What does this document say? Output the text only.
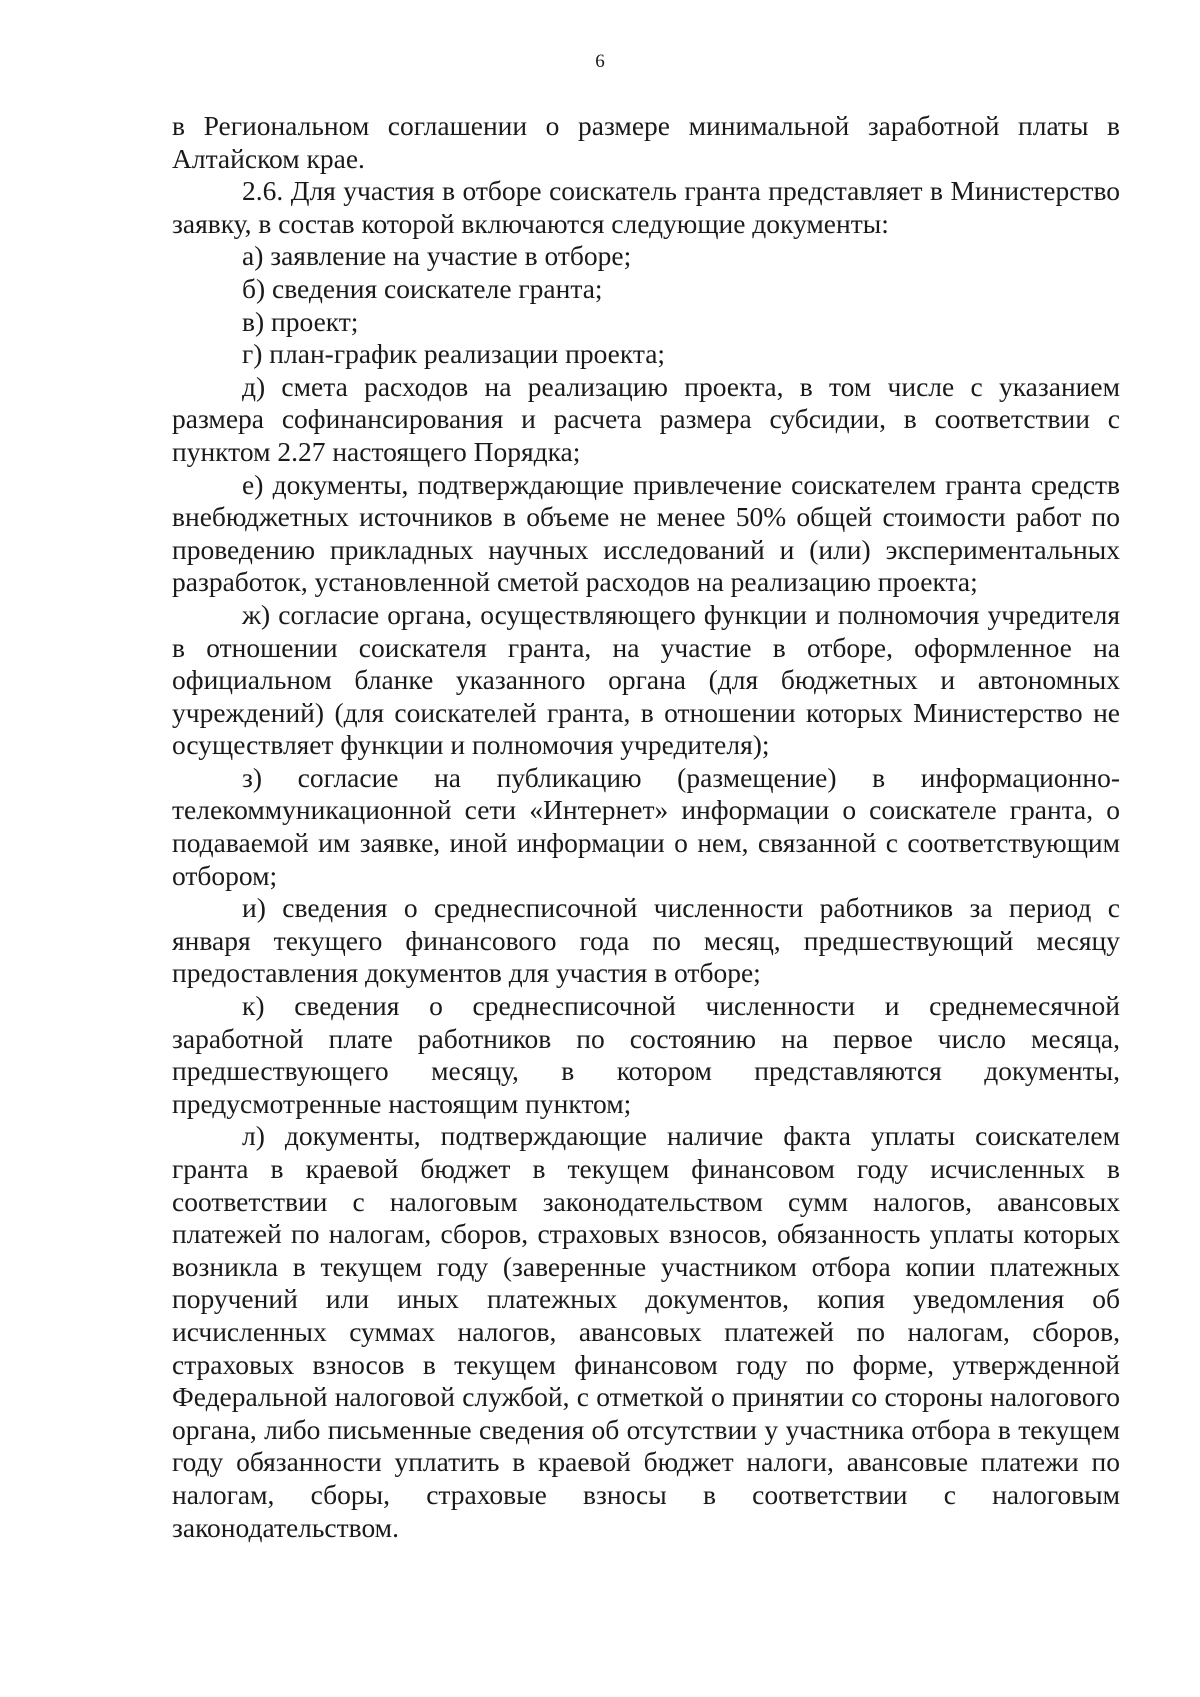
6

в Региональном соглашении о размере минимальной заработной платы в Алтайском крае.

2.6. Для участия в отборе соискатель гранта представляет в Министерство заявку, в состав которой включаются следующие документы:

а) заявление на участие в отборе;

б) сведения соискателе гранта;

в) проект;

г) план-график реализации проекта;

д) смета расходов на реализацию проекта, в том числе с указанием размера софинансирования и расчета размера субсидии, в соответствии с пунктом 2.27 настоящего Порядка;

е) документы, подтверждающие привлечение соискателем гранта средств внебюджетных источников в объеме не менее 50% общей стоимости работ по проведению прикладных научных исследований и (или) экспериментальных разработок, установленной сметой расходов на реализацию проекта;

ж) согласие органа, осуществляющего функции и полномочия учредителя в отношении соискателя гранта, на участие в отборе, оформленное на официальном бланке указанного органа (для бюджетных и автономных учреждений) (для соискателей гранта, в отношении которых Министерство не осуществляет функции и полномочия учредителя);

з) согласие на публикацию (размещение) в информационно-телекоммуникационной сети «Интернет» информации о соискателе гранта, о подаваемой им заявке, иной информации о нем, связанной с соответствующим отбором;

и) сведения о среднесписочной численности работников за период с января текущего финансового года по месяц, предшествующий месяцу предоставления документов для участия в отборе;

к) сведения о среднесписочной численности и среднемесячной заработной плате работников по состоянию на первое число месяца, предшествующего месяцу, в котором представляются документы, предусмотренные настоящим пунктом;

л) документы, подтверждающие наличие факта уплаты соискателем гранта в краевой бюджет в текущем финансовом году исчисленных в соответствии с налоговым законодательством сумм налогов, авансовых платежей по налогам, сборов, страховых взносов, обязанность уплаты которых возникла в текущем году (заверенные участником отбора копии платежных поручений или иных платежных документов, копия уведомления об исчисленных суммах налогов, авансовых платежей по налогам, сборов, страховых взносов в текущем финансовом году по форме, утвержденной Федеральной налоговой службой, с отметкой о принятии со стороны налогового органа, либо письменные сведения об отсутствии у участника отбора в текущем году обязанности уплатить в краевой бюджет налоги, авансовые платежи по налогам, сборы, страховые взносы в соответствии с налоговым законодательством.
